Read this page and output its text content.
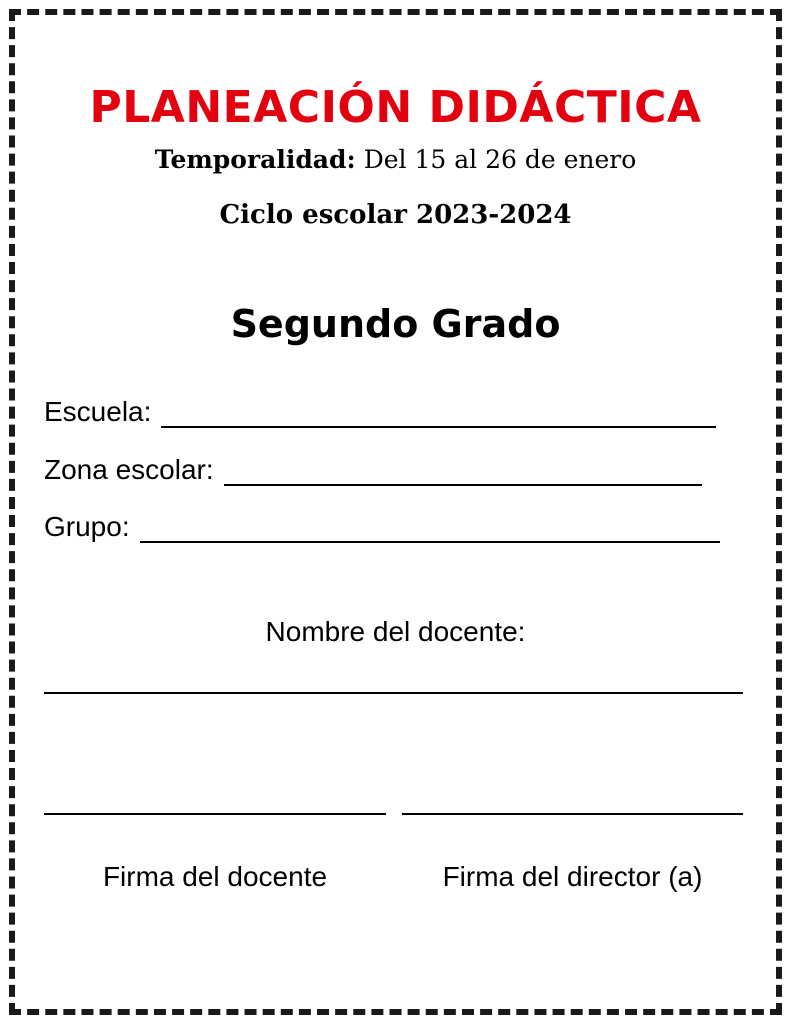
PLANEACIÓN DIDÁCTICA
Temporalidad: Del 15 al 26 de enero
Ciclo escolar 2023-2024
Segundo Grado
Escuela:
Zona escolar:
Grupo:
Nombre del docente:
Firma del docente	Firma del director (a)
